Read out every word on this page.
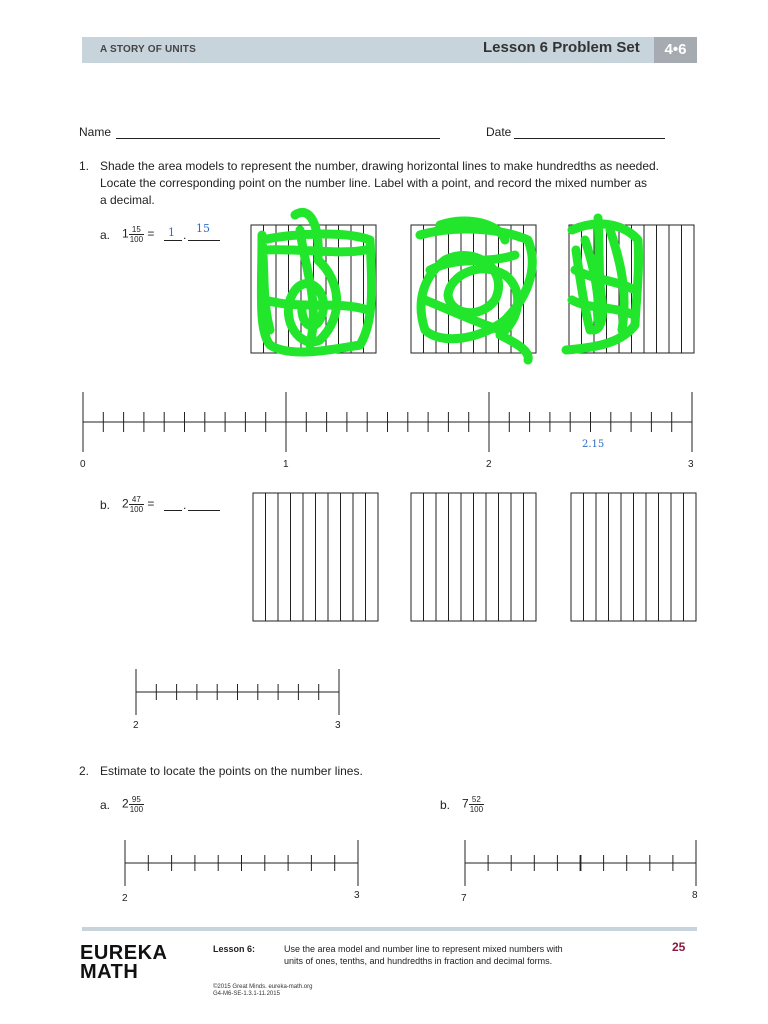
A STORY OF UNITS	Lesson 6 Problem Set	4•6
Name	Date
1. Shade the area models to represent the number, drawing horizontal lines to make hundredths as needed.
Locate the corresponding point on the number line. Label with a point, and record the mixed number as
a decimal.
a. $1 \frac{15}{100}$ = .
1 15
b. $2 \frac{47}{100}$ = .
2. Estimate to locate the points on the number lines.
a. $2 \frac{95}{100}$	b. $7 \frac{52}{100}$
0	1	2	3
2.15
2	3
2	3	7	8
EUREKA
MATH
Lesson 6:	Use the area model and number line to represent mixed numbers with
units of ones, tenths, and hundredths in fraction and decimal forms.
25
©2015 Great Minds. eureka-math.org
G4-M6-SE-1.3.1-11.2015
